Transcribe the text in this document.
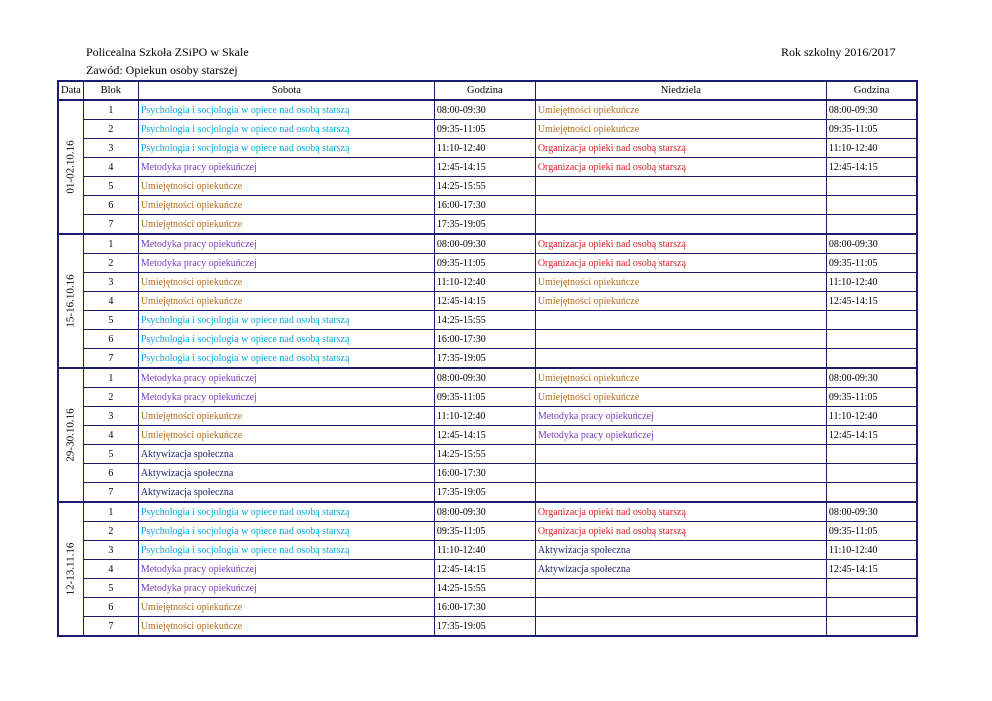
Policealna Szkoła ZSiPO w Skale
Zawód: Opiekun osoby starszej
Rok szkolny 2016/2017
Data	Blok	Sobota	Godzina	Niedziela	Godzina

01-02.10.16	1	Psychologia i socjologia w opiece nad osobą starszą	08:00-09:30	Umiejętności opiekuńcze	08:00-09:30
	2	Psychologia i socjologia w opiece nad osobą starszą	09:35-11:05	Umiejętności opiekuńcze	09:35-11:05
	3	Psychologia i socjologia w opiece nad osobą starszą	11:10-12:40	Organizacja opieki nad osobą starszą	11:10-12:40
	4	Metodyka pracy opiekuńczej	12:45-14:15	Organizacja opieki nad osobą starszą	12:45-14:15
	5	Umiejętności opiekuńcze	14:25-15:55		
	6	Umiejętności opiekuńcze	16:00-17:30		
	7	Umiejętności opiekuńcze	17:35-19:05		

15-16.10.16	1	Metodyka pracy opiekuńczej	08:00-09:30	Organizacja opieki nad osobą starszą	08:00-09:30
	2	Metodyka pracy opiekuńczej	09:35-11:05	Organizacja opieki nad osobą starszą	09:35-11:05
	3	Umiejętności opiekuńcze	11:10-12:40	Umiejętności opiekuńcze	11:10-12:40
	4	Umiejętności opiekuńcze	12:45-14:15	Umiejętności opiekuńcze	12:45-14:15
	5	Psychologia i socjologia w opiece nad osobą starszą	14:25-15:55		
	6	Psychologia i socjologia w opiece nad osobą starszą	16:00-17:30		
	7	Psychologia i socjologia w opiece nad osobą starszą	17:35-19:05		

29-30.10.16	1	Metodyka pracy opiekuńczej	08:00-09:30	Umiejętności opiekuńcze	08:00-09:30
	2	Metodyka pracy opiekuńczej	09:35-11:05	Umiejętności opiekuńcze	09:35-11:05
	3	Umiejętności opiekuńcze	11:10-12:40	Metodyka pracy opiekuńczej	11:10-12:40
	4	Umiejętności opiekuńcze	12:45-14:15	Metodyka pracy opiekuńczej	12:45-14:15
	5	Aktywizacja społeczna	14:25-15:55		
	6	Aktywizacja społeczna	16:00-17:30		
	7	Aktywizacja społeczna	17:35-19:05		

12-13.11.16	1	Psychologia i socjologia w opiece nad osobą starszą	08:00-09:30	Organizacja opieki nad osobą starszą	08:00-09:30
	2	Psychologia i socjologia w opiece nad osobą starszą	09:35-11:05	Organizacja opieki nad osobą starszą	09:35-11:05
	3	Psychologia i socjologia w opiece nad osobą starszą	11:10-12:40	Aktywizacja społeczna	11:10-12:40
	4	Metodyka pracy opiekuńczej	12:45-14:15	Aktywizacja społeczna	12:45-14:15
	5	Metodyka pracy opiekuńczej	14:25-15:55		
	6	Umiejętności opiekuńcze	16:00-17:30		
	7	Umiejętności opiekuńcze	17:35-19:05		
